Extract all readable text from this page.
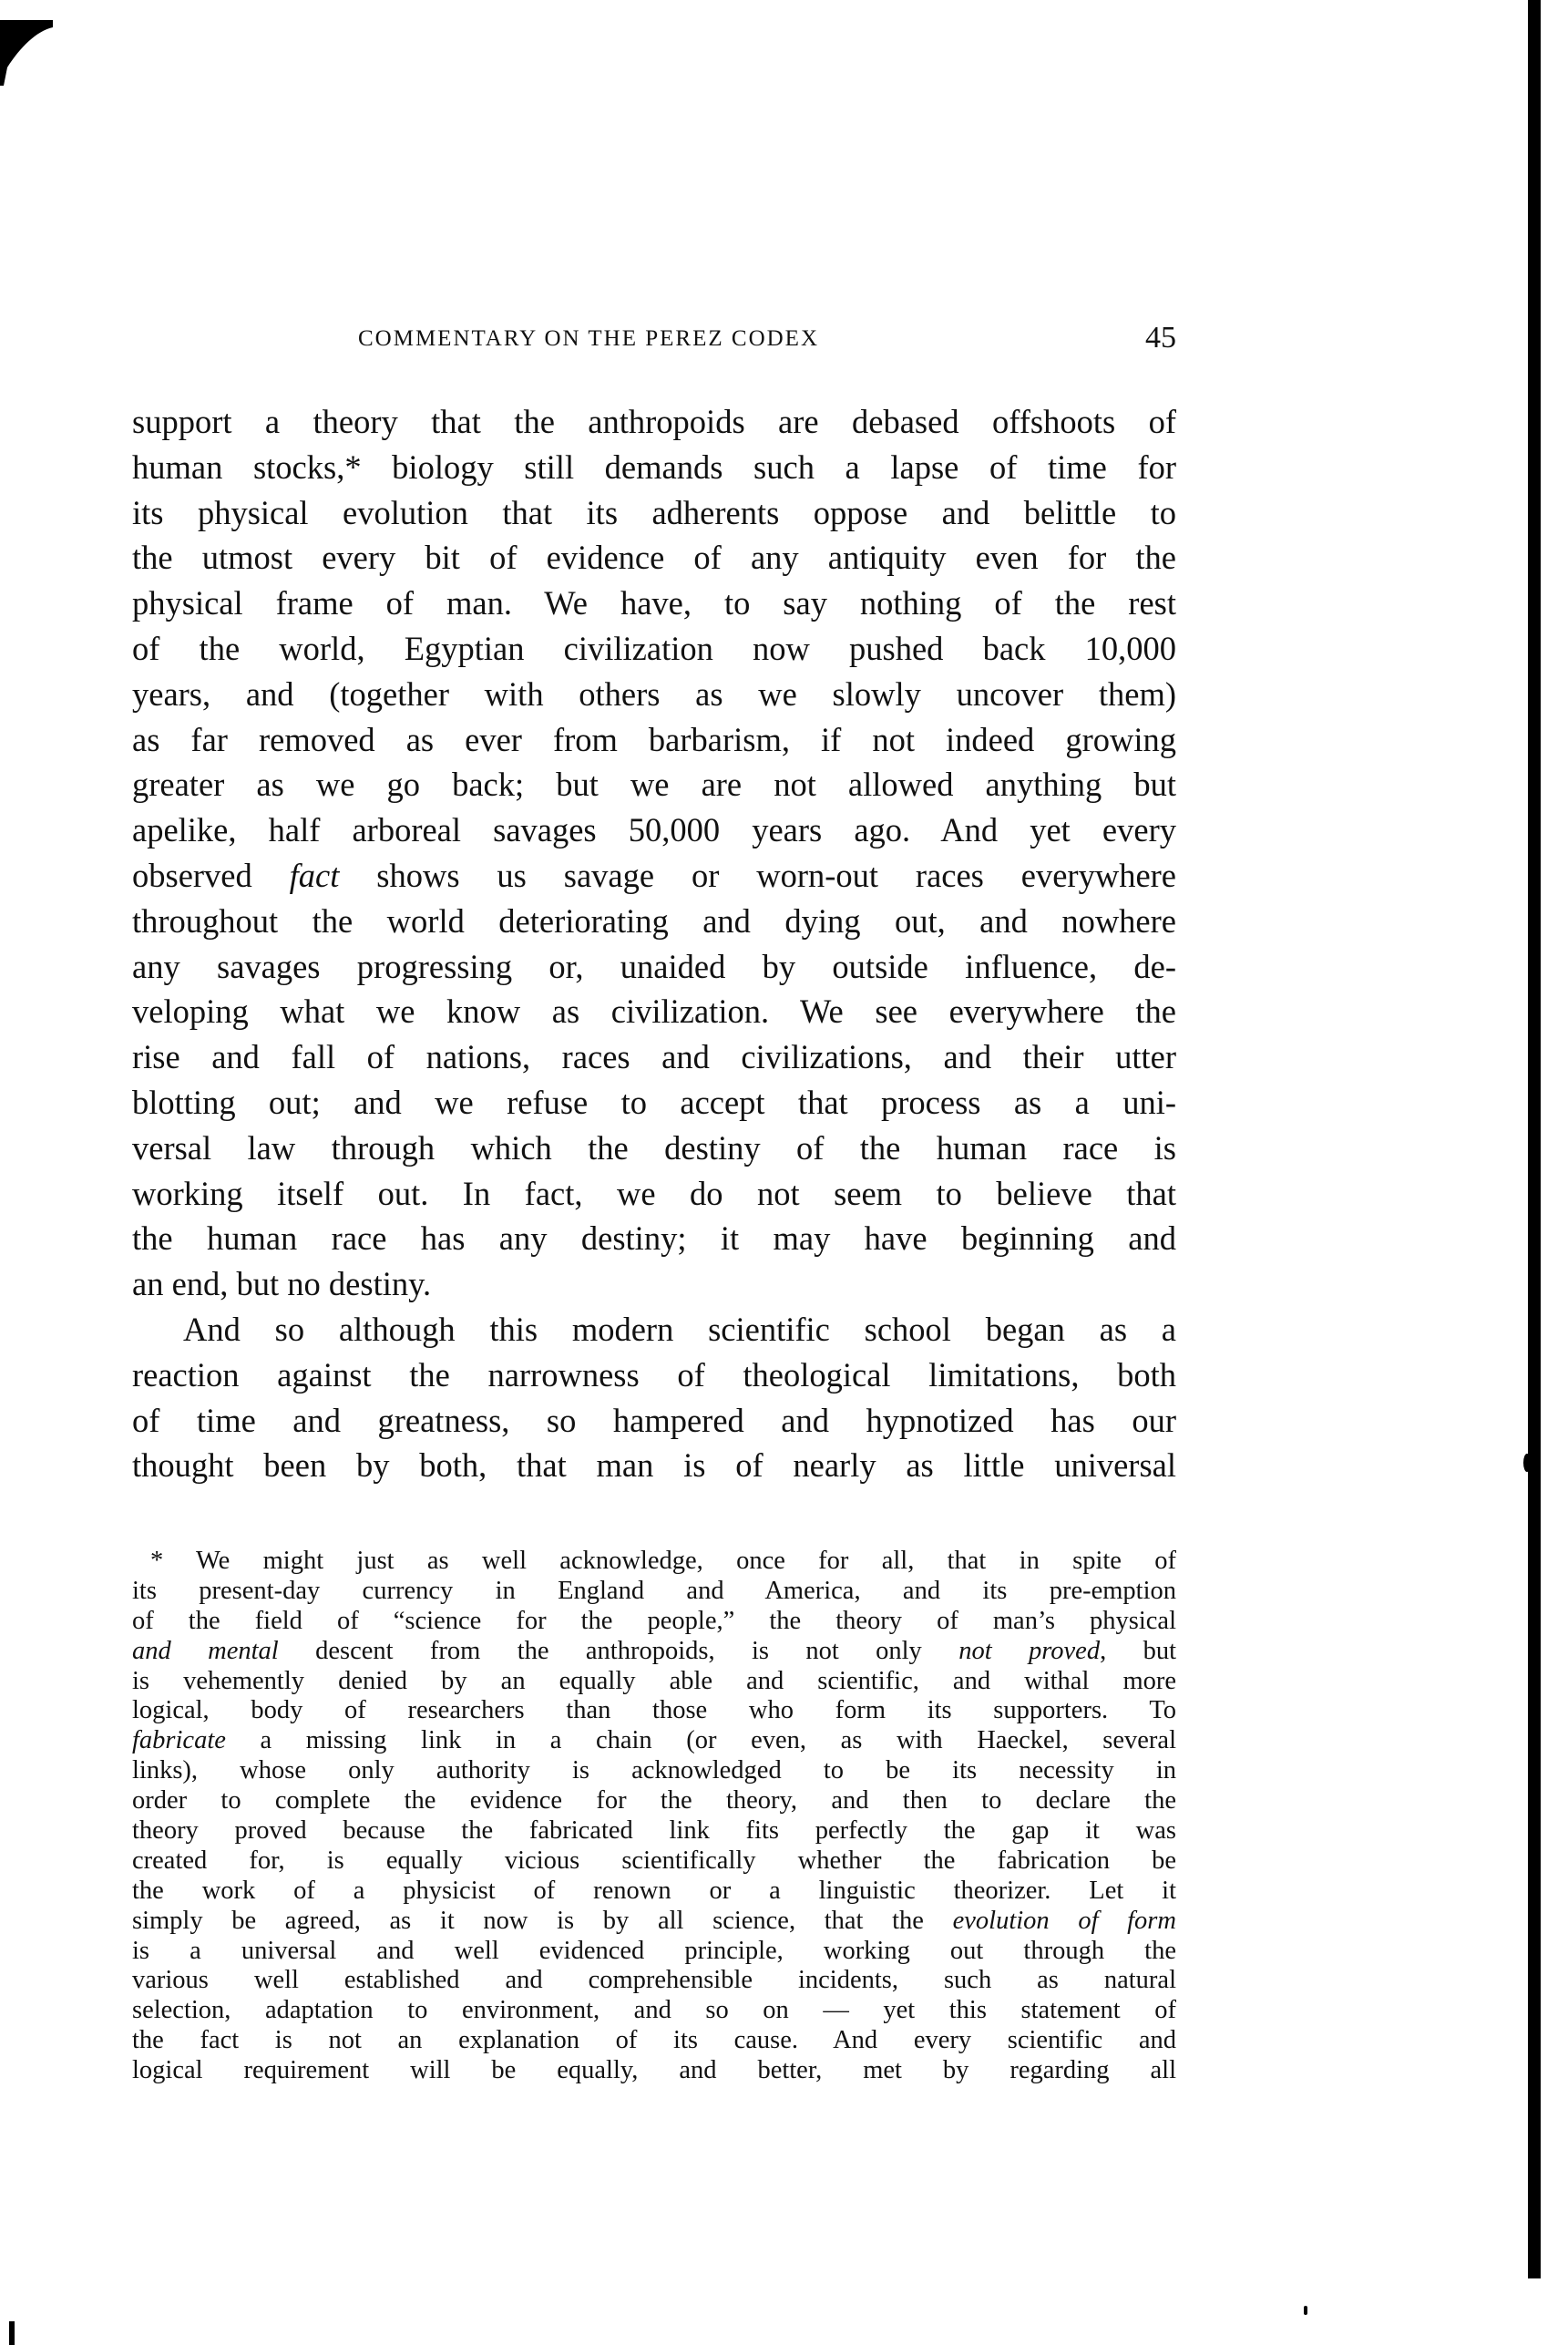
COMMENTARY ON THE PEREZ CODEX	45
support a theory that the anthropoids are debased offshoots of
human stocks,* biology still demands such a lapse of time for
its physical evolution that its adherents oppose and belittle to
the utmost every bit of evidence of any antiquity even for the
physical frame of man. We have, to say nothing of the rest
of the world, Egyptian civilization now pushed back 10,000
years, and (together with others as we slowly uncover them)
as far removed as ever from barbarism, if not indeed growing
greater as we go back; but we are not allowed anything but
apelike, half arboreal savages 50,000 years ago. And yet every
observed fact shows us savage or worn-out races everywhere
throughout the world deteriorating and dying out, and nowhere
any savages progressing or, unaided by outside influence, de-
veloping what we know as civilization. We see everywhere the
rise and fall of nations, races and civilizations, and their utter
blotting out; and we refuse to accept that process as a uni-
versal law through which the destiny of the human race is
working itself out. In fact, we do not seem to believe that
the human race has any destiny; it may have beginning and
an end, but no destiny.
And so although this modern scientific school began as a
reaction against the narrowness of theological limitations, both
of time and greatness, so hampered and hypnotized has our
thought been by both, that man is of nearly as little universal
* We might just as well acknowledge, once for all, that in spite of
its present-day currency in England and America, and its pre-emption
of the field of “science for the people,” the theory of man’s physical
and mental descent from the anthropoids, is not only not proved, but
is vehemently denied by an equally able and scientific, and withal more
logical, body of researchers than those who form its supporters. To
fabricate a missing link in a chain (or even, as with Haeckel, several
links), whose only authority is acknowledged to be its necessity in
order to complete the evidence for the theory, and then to declare the
theory proved because the fabricated link fits perfectly the gap it was
created for, is equally vicious scientifically whether the fabrication be
the work of a physicist of renown or a linguistic theorizer. Let it
simply be agreed, as it now is by all science, that the evolution of form
is a universal and well evidenced principle, working out through the
various well established and comprehensible incidents, such as natural
selection, adaptation to environment, and so on — yet this statement of
the fact is not an explanation of its cause. And every scientific and
logical requirement will be equally, and better, met by regarding all
